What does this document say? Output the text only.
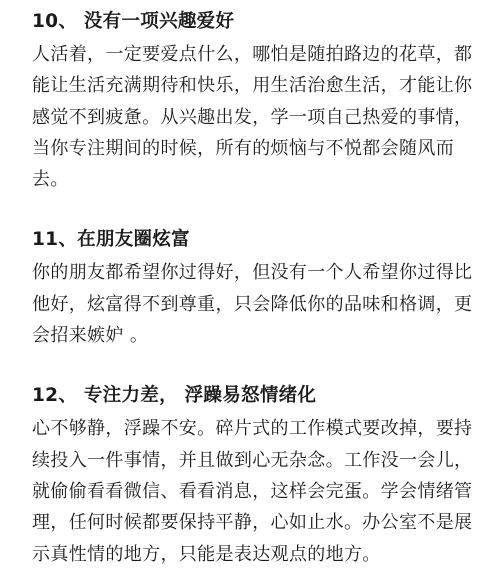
10、 没有一项兴趣爱好

人活着，一定要爱点什么，哪怕是随拍路边的花草，都能让生活充满期待和快乐，用生活治愈生活，才能让你感觉不到疲惫。从兴趣出发，学一项自己热爱的事情，当你专注期间的时候，所有的烦恼与不悦都会随风而去。

11、在朋友圈炫富

你的朋友都希望你过得好，但没有一个人希望你过得比他好，炫富得不到尊重，只会降低你的品味和格调，更会招来嫉妒 。

12、 专注力差， 浮躁易怒情绪化

心不够静，浮躁不安。碎片式的工作模式要改掉，要持续投入一件事情，并且做到心无杂念。工作没一会儿，就偷偷看看微信、看看消息，这样会完蛋。学会情绪管理，任何时候都要保持平静，心如止水。办公室不是展示真性情的地方，只能是表达观点的地方。
